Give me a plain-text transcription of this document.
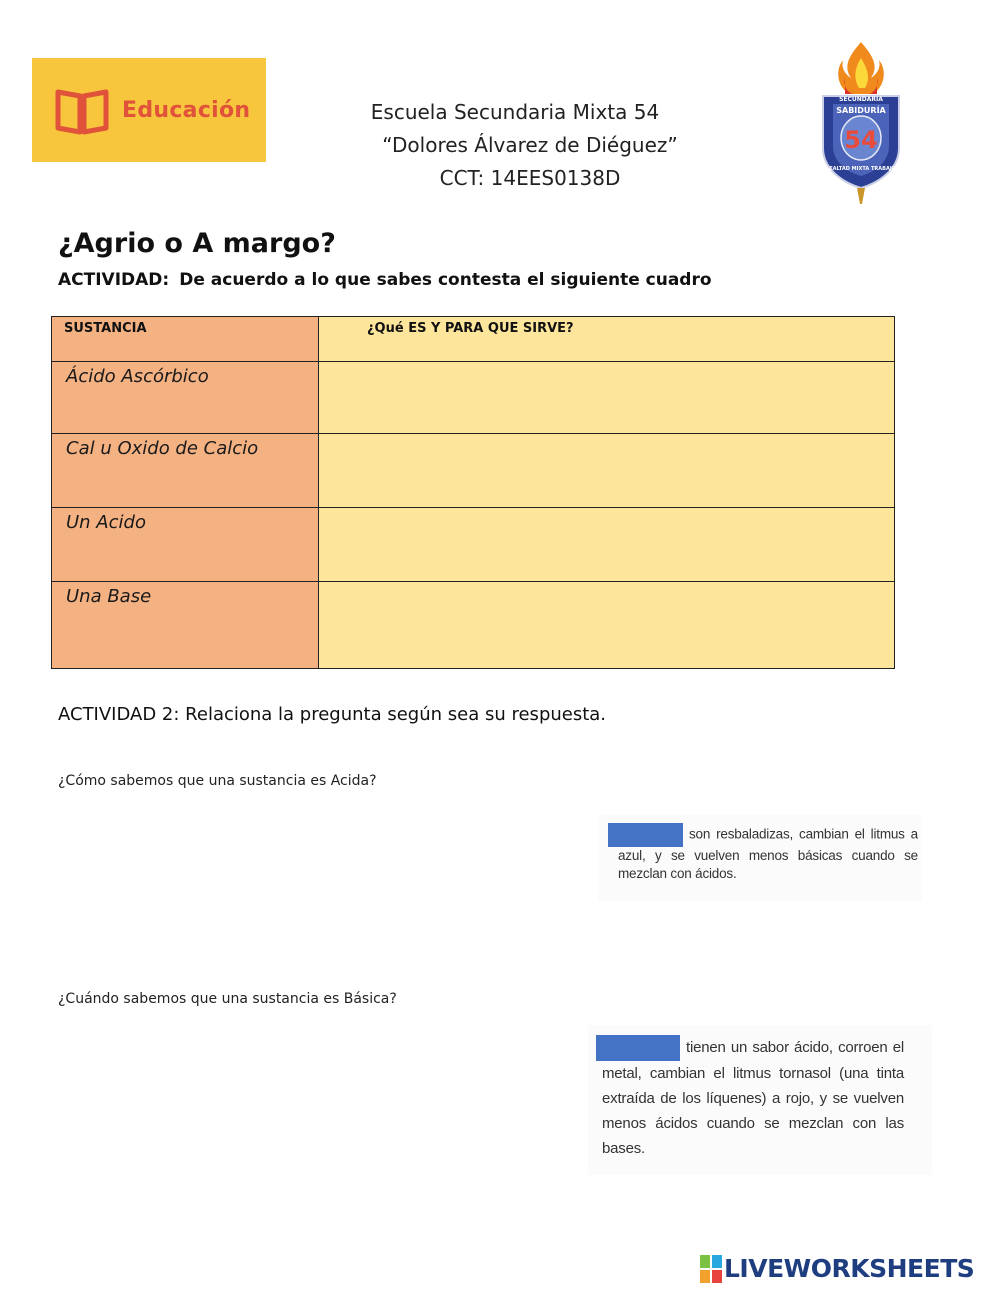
Educación	Escuela Secundaria Mixta 54
“Dolores Álvarez de Diéguez”
CCT: 14EES0138D
SECUNDARIA
SABIDURÍA
54
LEALTAD MIXTA TRABAJO
¿Agrio o A margo?
ACTIVIDAD: De acuerdo a lo que sabes contesta el siguiente cuadro
SUSTANCIA	¿Qué ES Y PARA QUE SIRVE?

Ácido Ascórbico	

Cal u Oxido de Calcio	

Un Acido	

Una Base	

ACTIVIDAD 2: Relaciona la pregunta según sea su respuesta.
¿Cómo sabemos que una sustancia es Acida?
¿Cuándo sabemos que una sustancia es Básica?
son resbaladizas, cambian el litmus a azul, y se vuelven menos básicas cuando se mezclan con ácidos.
tienen un sabor ácido, corroen el metal, cambian el litmus tornasol (una tinta extraída de los líquenes) a rojo, y se vuelven menos ácidos cuando se mezclan con las bases.
LIVEWORKSHEETS
